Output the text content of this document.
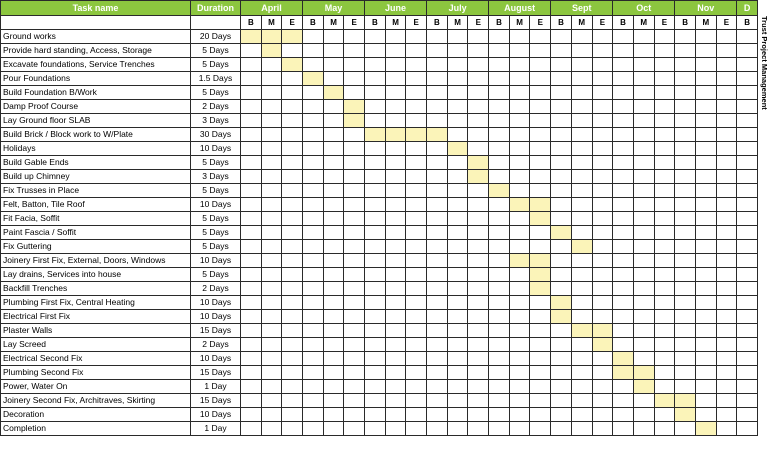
Task name	Duration	April			May			June			July			August			Sept			Oct			Nov			D
		B	M	E	B	M	E	B	M	E	B	M	E	B	M	E	B	M	E	B	M	E	B	M	E	B
Ground works	20 Days																									
Provide hard standing, Access, Storage	5 Days																									
Excavate foundations, Service Trenches	5 Days																									
Pour Foundations	1.5 Days																									
Build Foundation B/Work	5 Days																									
Damp Proof Course	2 Days																									
Lay Ground floor SLAB	3 Days																									
Build Brick / Block work to W/Plate	30 Days																									
Holidays	10 Days																									
Build Gable Ends	5 Days																									
Build up Chimney	3 Days																									
Fix Trusses in Place	5 Days																									
Felt, Batton, Tile Roof	10 Days																									
Fit Facia, Soffit	5 Days																									
Paint Fascia / Soffit	5 Days																									
Fix Guttering	5 Days																									
Joinery First Fix, External, Doors, Windows	10 Days																									
Lay drains, Services into house	5 Days																									
Backfill Trenches	2 Days																									
Plumbing First Fix, Central Heating	10 Days																									
Electrical First Fix	10 Days																									
Plaster Walls	15 Days																									
Lay Screed	2 Days																									
Electrical Second Fix	10 Days																									
Plumbing Second Fix	15 Days																									
Power, Water On	1 Day																									
Joinery Second Fix, Architraves, Skirting	15 Days																									
Decoration	10 Days																									
Completion	1 Day																									
Trust Project Management
